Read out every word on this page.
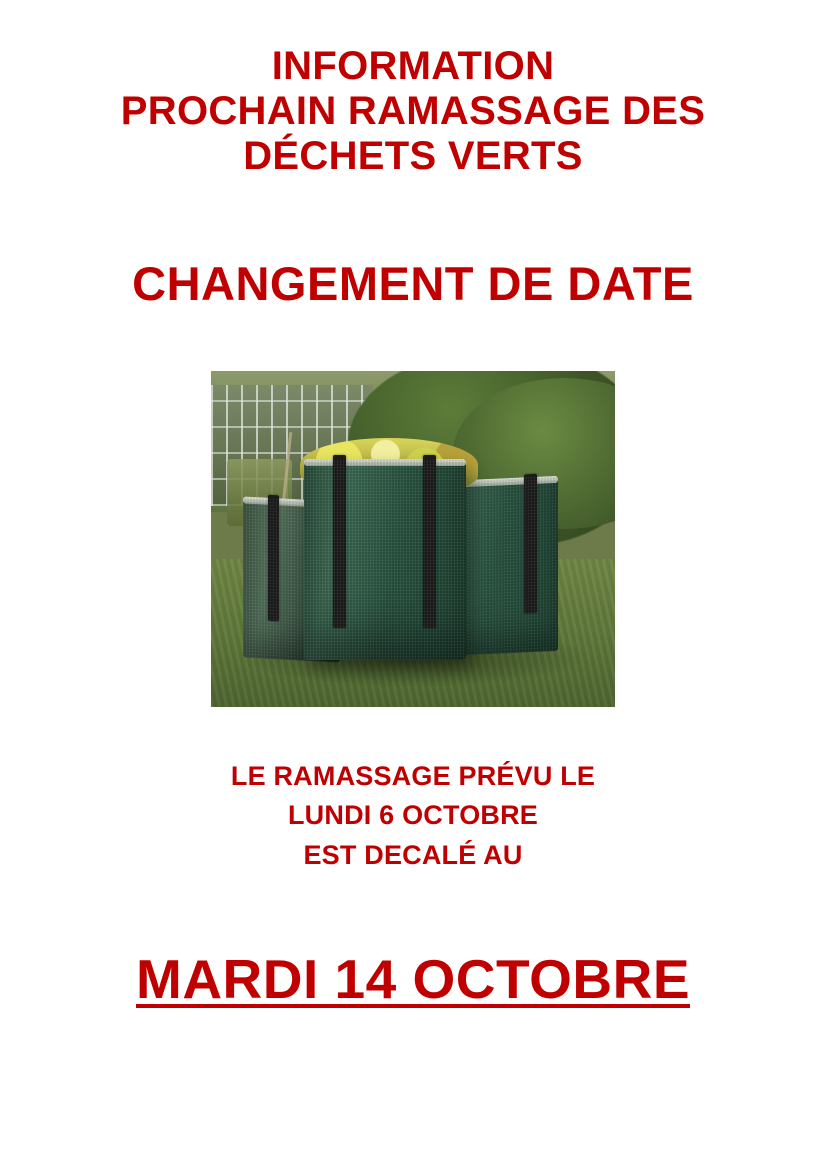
INFORMATION
PROCHAIN RAMASSAGE DES
DÉCHETS VERTS
CHANGEMENT DE DATE
LE RAMASSAGE PRÉVU LE
LUNDI 6 OCTOBRE
EST DECALÉ AU
MARDI 14 OCTOBRE
